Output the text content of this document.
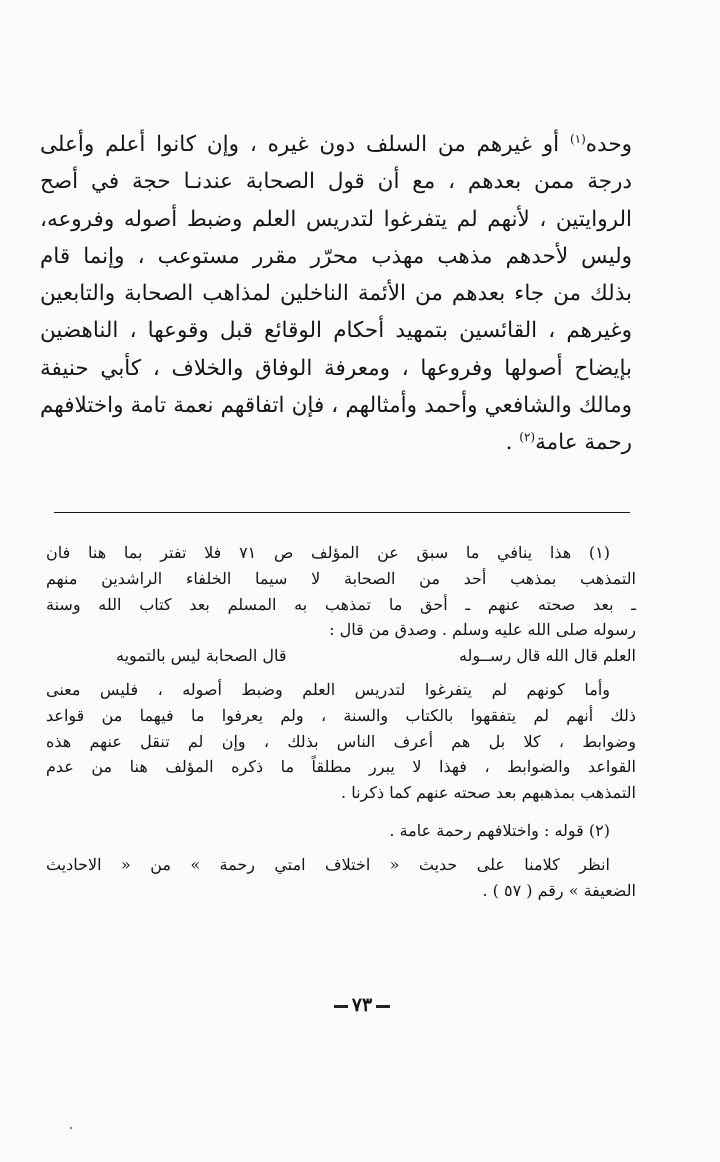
وحده$^{(١)}$ أو غيرهم من السلف دون غيره ، وإن كانوا أعلم وأعلى
درجة ممن بعدهم ، مع أن قول الصحابة عندنـا حجة في أصح
الروايتين ، لأنهم لم يتفرغوا لتدريس العلم وضبط أصوله وفروعه،
وليس لأحدهم مذهب مهذب محرّر مقرر مستوعب ، وإنما قام
بذلك من جاء بعدهم من الأئمة الناخلين لمذاهب الصحابة والتابعين
وغيرهم ، القائسين بتمهيد أحكام الوقائع قبل وقوعها ، الناهضين
بإيضاح أصولها وفروعها ، ومعرفة الوفاق والخلاف ، كأبي حنيفة
ومالك والشافعي وأحمد وأمثالهم ، فإن اتفاقهم نعمة تامة واختلافهم
رحمة عامة$^{(٢)}$ .
(١) هذا ينافي ما سبق عن المؤلف ص ٧١ فلا تفتر بما هنا فان
التمذهب بمذهب أحد من الصحابة لا سيما الخلفاء الراشدين منهم
ـ بعد صحته عنهم ـ أحق ما تمذهب به المسلم بعد كتاب الله وسنة
رسوله صلى الله عليه وسلم . وصدق من قال :
العلم قال الله قال رســوله
قال الصحابة ليس بالتمويه
وأما كونهم لم يتفرغوا لتدريس العلم وضبط أصوله ، فليس معنى
ذلك أنهم لم يتفقهوا بالكتاب والسنة ، ولم يعرفوا ما فيهما من قواعد
وضوابط ، كلا بل هم أعرف الناس بذلك ، وإن لم تنقل عنهم هذه
القواعد والضوابط ، فهذا لا يبرر مطلقاً ما ذكره المؤلف هنا من عدم
التمذهب بمذهبهم بعد صحته عنهم كما ذكرنا .
(٢) قوله : واختلافهم رحمة عامة .
انظر كلامنا على حديث « اختلاف امتي رحمة » من « الاحاديث
الضعيفة » رقم ( ٥٧ ) .
٧٣
